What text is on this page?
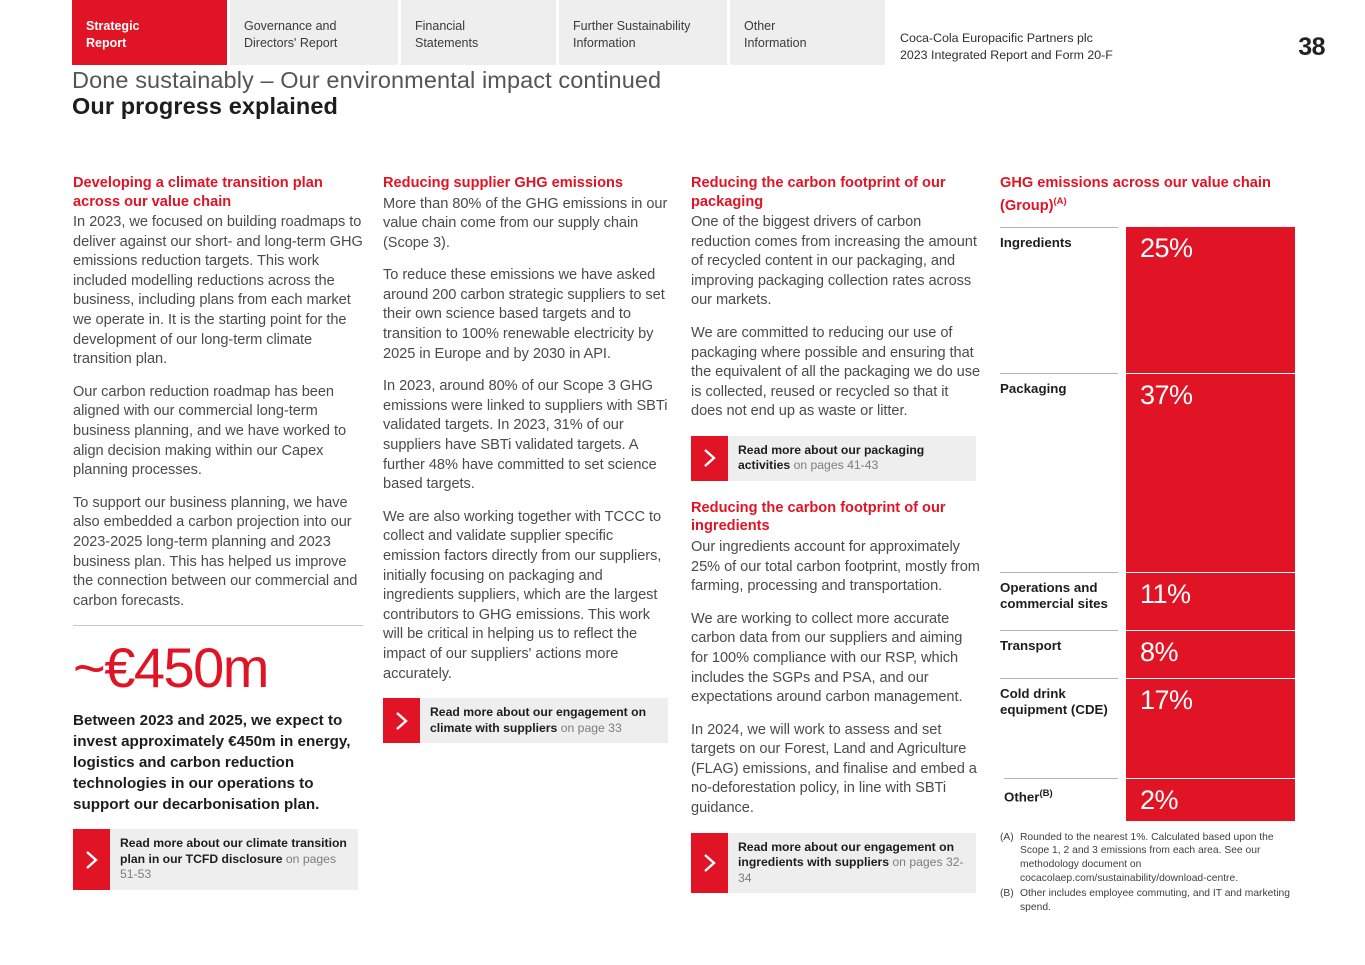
Strategic
Report
Governance and
Directors' Report
Financial
Statements
Further Sustainability
Information
Other
Information	Coca-Cola Europacific Partners plc
2023 Integrated Report and Form 20-F	38
Done sustainably – Our environmental impact continued
Our progress explained
Developing a climate transition plan across our value chain

In 2023, we focused on building roadmaps to deliver against our short- and long-term GHG emissions reduction targets. This work included modelling reductions across the business, including plans from each market we operate in. It is the starting point for the development of our long-term climate transition plan.

Our carbon reduction roadmap has been aligned with our commercial long-term business planning, and we have worked to align decision making within our Capex planning processes.

To support our business planning, we have also embedded a carbon projection into our 2023-2025 long-term planning and 2023 business plan. This has helped us improve the connection between our commercial and carbon forecasts.

~€450m
Between 2023 and 2025, we expect to invest approximately €450m in energy, logistics and carbon reduction technologies in our operations to support our decarbonisation plan.
Read more about our climate transition plan in our TCFD disclosure on pages 51-53
Reducing supplier GHG emissions

More than 80% of the GHG emissions in our value chain come from our supply chain (Scope 3).

To reduce these emissions we have asked around 200 carbon strategic suppliers to set their own science based targets and to transition to 100% renewable electricity by 2025 in Europe and by 2030 in API.

In 2023, around 80% of our Scope 3 GHG emissions were linked to suppliers with SBTi validated targets. In 2023, 31% of our suppliers have SBTi validated targets. A further 48% have committed to set science based targets.

We are also working together with TCCC to collect and validate supplier specific emission factors directly from our suppliers, initially focusing on packaging and ingredients suppliers, which are the largest contributors to GHG emissions. This work will be critical in helping us to reflect the impact of our suppliers' actions more accurately.

Read more about our engagement on climate with suppliers on page 33
Reducing the carbon footprint of our packaging

One of the biggest drivers of carbon reduction comes from increasing the amount of recycled content in our packaging, and improving packaging collection rates across our markets.

We are committed to reducing our use of packaging where possible and ensuring that the equivalent of all the packaging we do use is collected, reused or recycled so that it does not end up as waste or litter.

Read more about our packaging activities on pages 41-43
Reducing the carbon footprint of our ingredients

Our ingredients account for approximately 25% of our total carbon footprint, mostly from farming, processing and transportation.

We are working to collect more accurate carbon data from our suppliers and aiming for 100% compliance with our RSP, which includes the SGPs and PSA, and our expectations around carbon management.

In 2024, we will work to assess and set targets on our Forest, Land and Agriculture (FLAG) emissions, and finalise and embed a no-deforestation policy, in line with SBTi guidance.

Read more about our engagement on ingredients with suppliers on pages 32-34
GHG emissions across our value chain (Group)$^{(A)}$
Ingredients
Packaging
Operations and commercial sites
Transport
Cold drink equipment (CDE)
Other$^{(B)}$
25%
37%
11%
8%
17%
2%
(A) Rounded to the nearest 1%. Calculated based upon the Scope 1, 2 and 3 emissions from each area. See our methodology document on cocacolaep.com/sustainability/download-centre.
(B) Other includes employee commuting, and IT and marketing spend.
